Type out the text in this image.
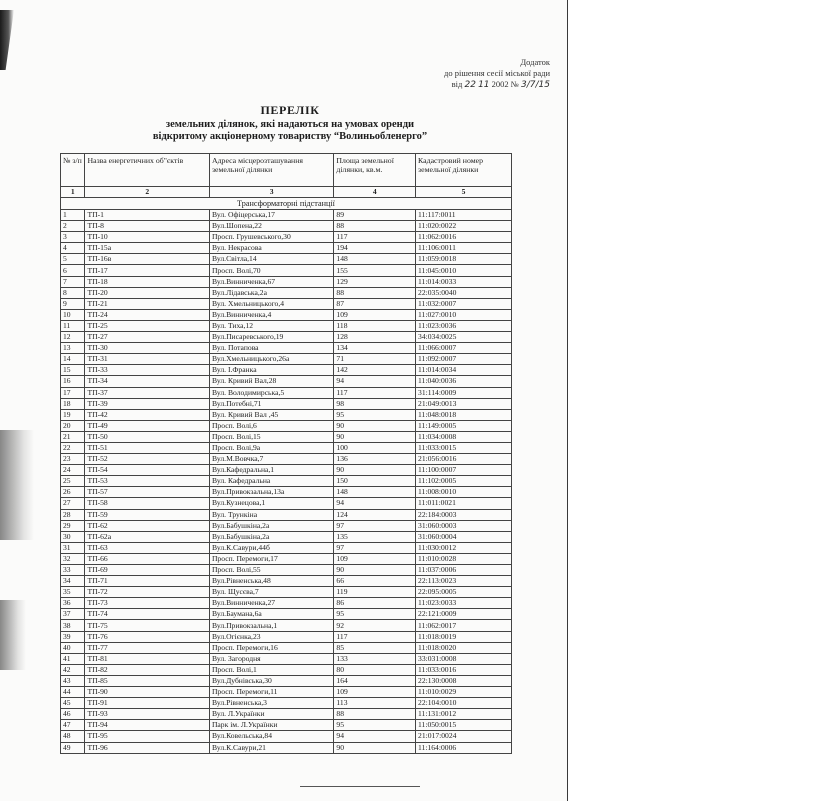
Додаток
до рішення сесії міської ради
від 22 11 2002 № 3/7/15
ПЕРЕЛІК
земельних ділянок, які надаються на умовах оренди
відкритому акціонерному товариству “Волиньобленерго”
№ з/п	Назва енергетичних об"єктів	Адреса місцерозташування земельної ділянки	Площа земельної ділянки, кв.м.	Кадастровий номер земельної ділянки
1	2	3	4	5
Трансформаторні підстанції				
1	ТП-1	Вул. Офіцерська,17	89	11:117:0011
2	ТП-8	Вул.Шопена,22	88	11:020:0022
3	ТП-10	Просп. Грушевського,30	117	11:062:0016
4	ТП-15а	Вул. Некрасова	194	11:106:0011
5	ТП-16в	Вул.Світла,14	148	11:059:0018
6	ТП-17	Просп. Волі,70	155	11:045:0010
7	ТП-18	Вул.Винниченка,67	129	11:014:0033
8	ТП-20	Вул.Лідавська,2а	88	22:035:0040
9	ТП-21	Вул. Хмельницького,4	87	11:032:0007
10	ТП-24	Вул.Винниченка,4	109	11:027:0010
11	ТП-25	Вул. Тиха,12	118	11:023:0036
12	ТП-27	Вул.Писаревського,19	128	34:034:0025
13	ТП-30	Вул. Потапова	134	11:066:0007
14	ТП-31	Вул.Хмельницького,26а	71	11:092:0007
15	ТП-33	Вул. І.Франка	142	11:014:0034
16	ТП-34	Вул. Кривий Вал,28	94	11:040:0036
17	ТП-37	Вул. Володимирська,5	117	31:114:0009
18	ТП-39	Вул.Потебні,71	98	21:049:0013
19	ТП-42	Вул. Кривий Вал ,45	95	11:048:0018
20	ТП-49	Просп. Волі,6	90	11:149:0005
21	ТП-50	Просп. Волі,15	90	11:034:0008
22	ТП-51	Просп. Волі,9а	100	11:033:0015
23	ТП-52	Вул.М.Вовчка,7	136	21:056:0016
24	ТП-54	Вул.Кафедральна,1	90	11:100:0007
25	ТП-53	Вул. Кафедральна	150	11:102:0005
26	ТП-57	Вул.Привокзальна,13а	148	11:008:0010
27	ТП-58	Вул.Кузнецова,1	94	11:011:0021
28	ТП-59	Вул. Трункіна	124	22:184:0003
29	ТП-62	Вул.Бабушкіна,2а	97	31:060:0003
30	ТП-62а	Вул.Бабушкіна,2а	135	31:060:0004
31	ТП-63	Вул.К.Савури,44б	97	11:030:0012
32	ТП-66	Просп. Перемоги,17	109	11:010:0028
33	ТП-69	Просп. Волі,55	90	11:037:0006
34	ТП-71	Вул.Рівненська,48	66	22:113:0023
35	ТП-72	Вул. Щусєва,7	119	22:095:0005
36	ТП-73	Вул.Винниченка,27	86	11:023:0033
37	ТП-74	Вул.Баумана,6а	95	22:121:0009
38	ТП-75	Вул.Привокзальна,1	92	11:062:0017
39	ТП-76	Вул.Огієнка,23	117	11:018:0019
40	ТП-77	Просп. Перемоги,16	85	11:018:0020
41	ТП-81	Вул. Загородня	133	33:031:0008
42	ТП-82	Просп. Волі,1	80	11:033:0016
43	ТП-85	Вул.Дубнівська,30	164	22:130:0008
44	ТП-90	Просп. Перемоги,11	109	11:010:0029
45	ТП-91	Вул.Рівненська,3	113	22:104:0010
46	ТП-93	Вул. Л.Українки	88	11:131:0012
47	ТП-94	Парк ім. Л.Українки	95	11:050:0015
48	ТП-95	Вул.Ковельська,84	94	21:017:0024
49	ТП-96	Вул.К.Савури,21	90	11:164:0006
